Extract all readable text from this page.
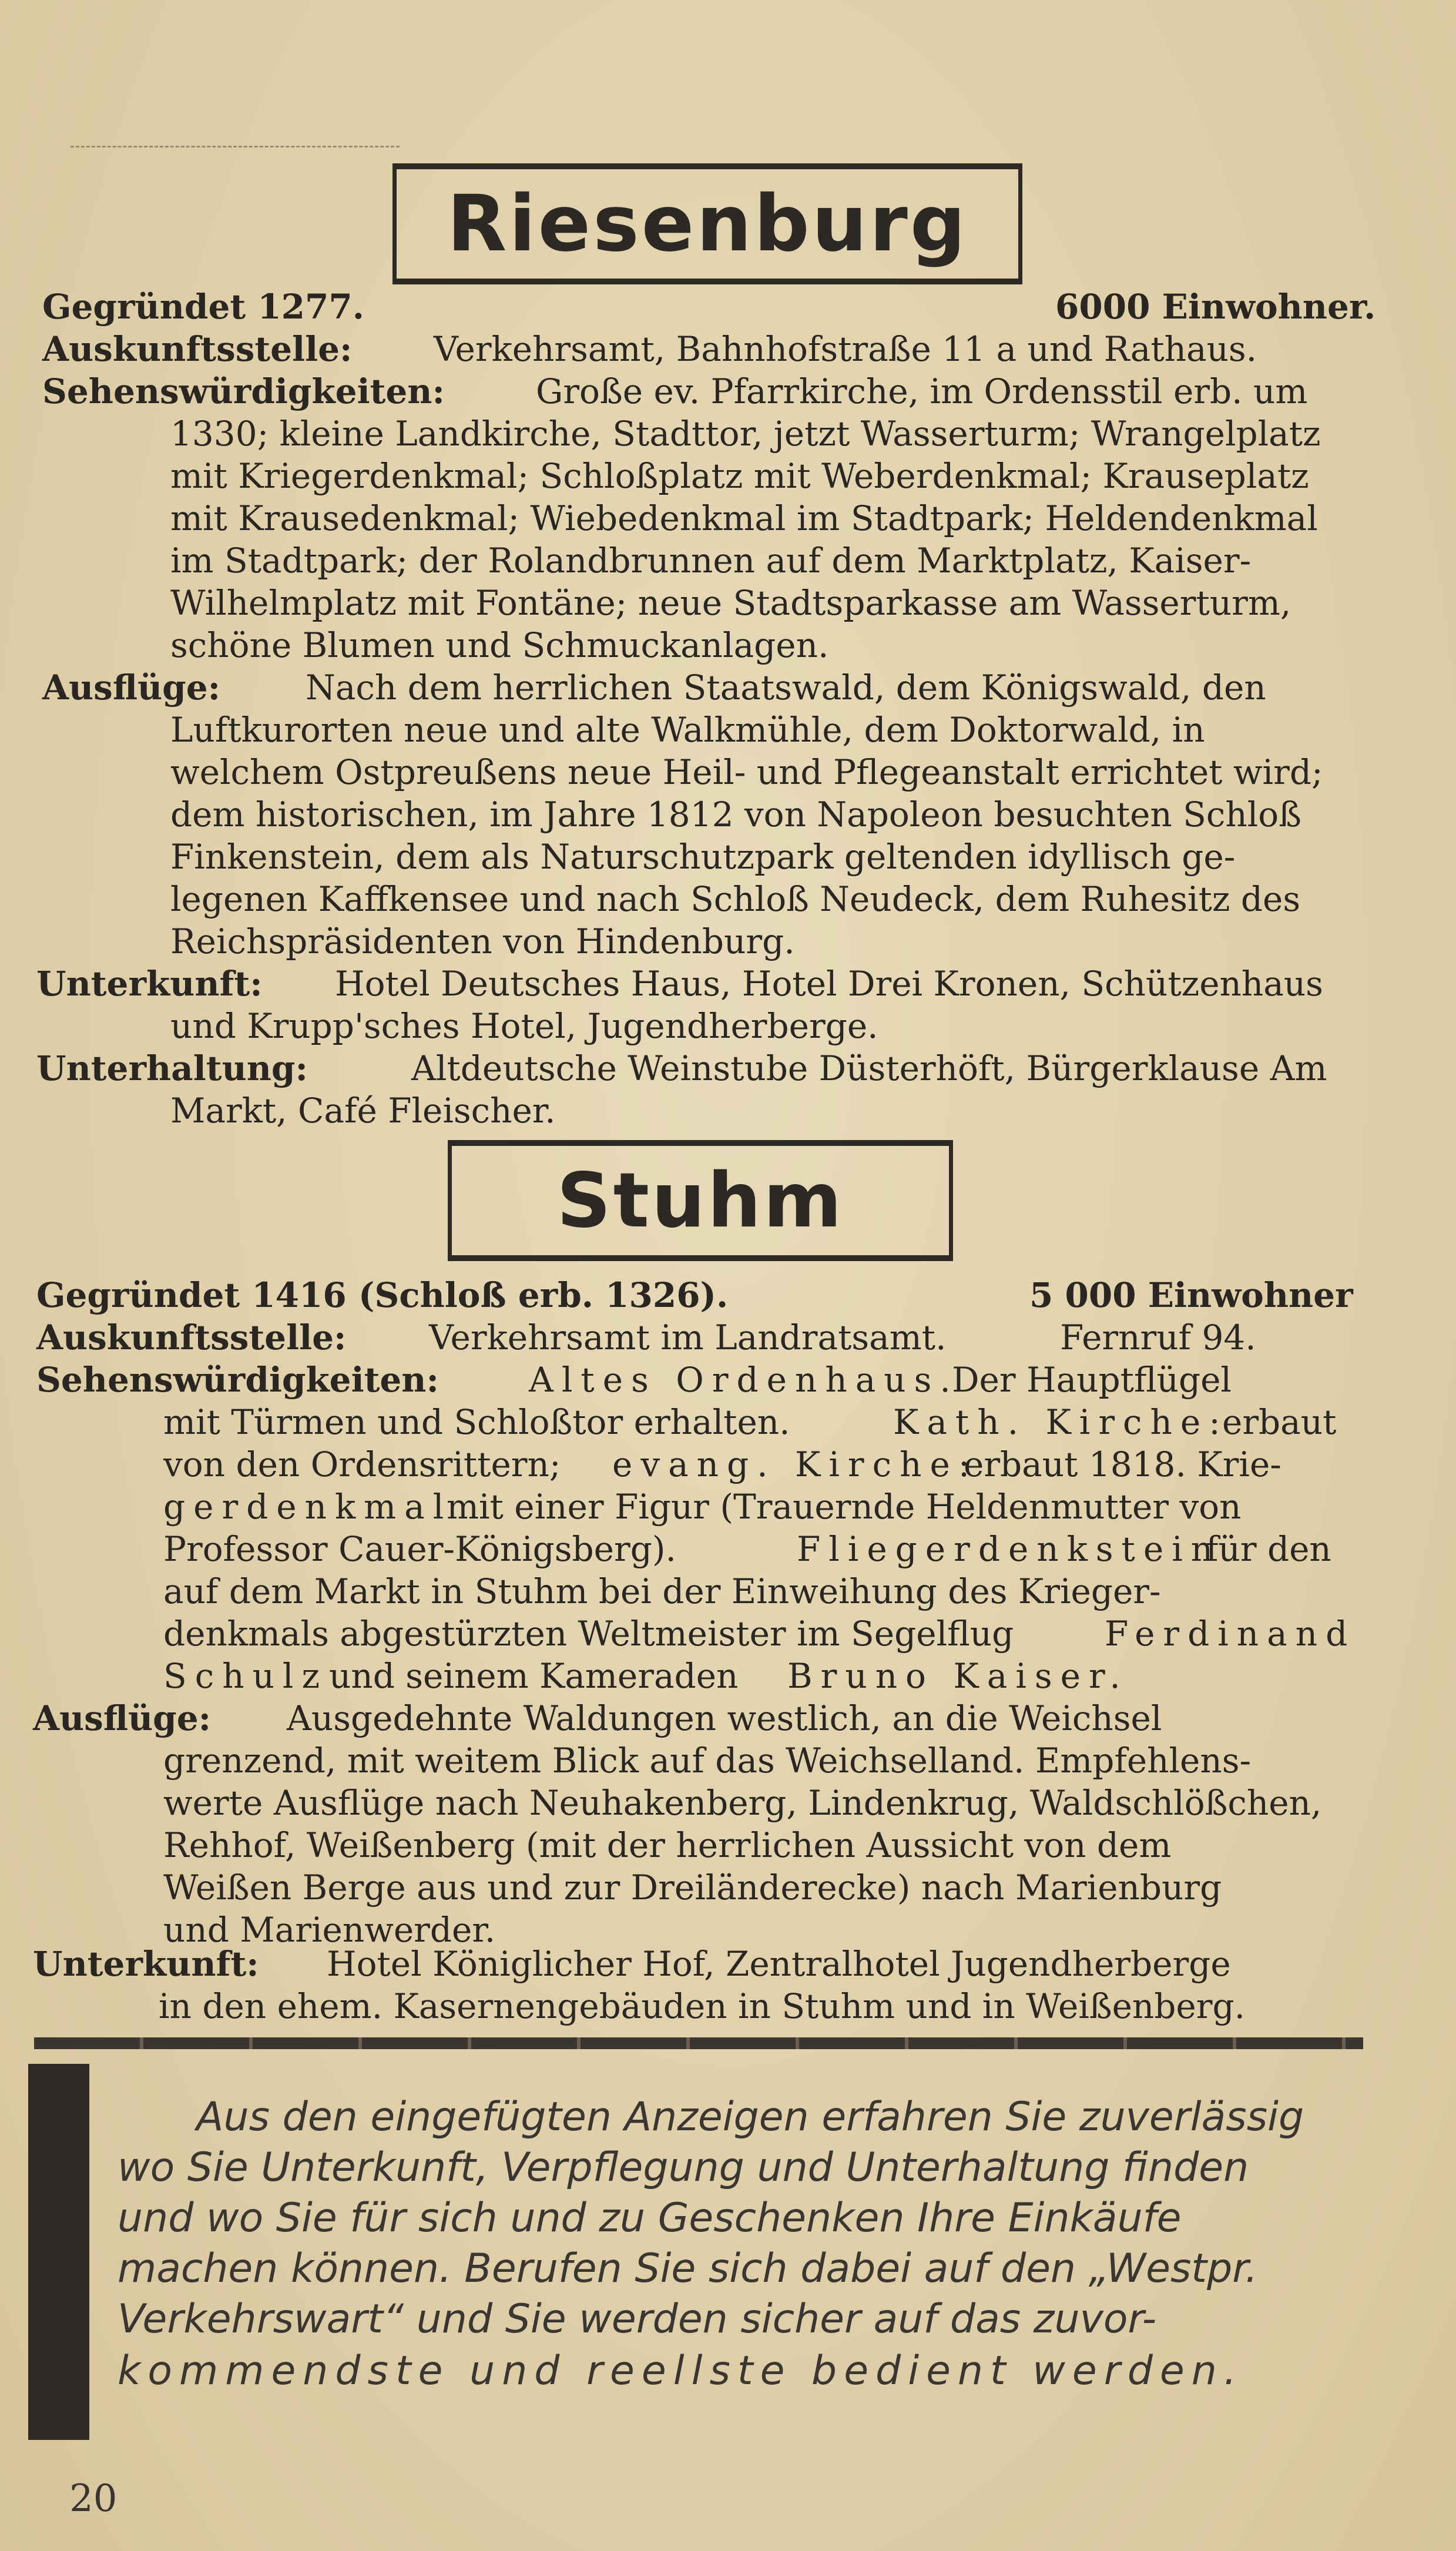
Riesenburg
Gegründet 1277.	6000 Einwohner.
Auskunftsstelle: Verkehrsamt, Bahnhofstraße 11 a und Rathaus.
Sehenswürdigkeiten:	Große ev. Pfarrkirche, im Ordensstil erb. um
1330; kleine Landkirche, Stadttor, jetzt Wasserturm; Wrangelplatz
mit Kriegerdenkmal; Schloßplatz mit Weberdenkmal; Krauseplatz
mit Krausedenkmal; Wiebedenkmal im Stadtpark; Heldendenkmal
im Stadtpark; der Rolandbrunnen auf dem Marktplatz, Kaiser-
Wilhelmplatz mit Fontäne; neue Stadtsparkasse am Wasserturm,
schöne Blumen und Schmuckanlagen.
Ausflüge: Nach dem herrlichen Staatswald, dem Königswald, den
Luftkurorten neue und alte Walkmühle, dem Doktorwald, in
welchem Ostpreußens neue Heil- und Pflegeanstalt errichtet wird;
dem historischen, im Jahre 1812 von Napoleon besuchten Schloß
Finkenstein, dem als Naturschutzpark geltenden idyllisch ge-
legenen Kaffkensee und nach Schloß Neudeck, dem Ruhesitz des
Reichspräsidenten von Hindenburg.
Unterkunft: Hotel Deutsches Haus, Hotel Drei Kronen, Schützenhaus
und Krupp'sches Hotel, Jugendherberge.
Unterhaltung:	Altdeutsche Weinstube Düsterhöft, Bürgerklause Am
Markt, Café Fleischer.
Stuhm
Gegründet 1416 (Schloß erb. 1326).	5 000 Einwohner
Auskunftsstelle: Verkehrsamt im Landratsamt.	Fernruf 94.
Sehenswürdigkeiten:	Altes Ordenhaus.
Der Hauptflügel
mit Türmen und Schloßtor erhalten.	Kath. Kirche:
erbaut
von den Ordensrittern; evang. Kirche:
erbaut 1818. Krie-
gerdenkmal
mit einer Figur (Trauernde Heldenmutter von
Professor Cauer-Königsberg).	Fliegerdenkstein
für den
auf dem Markt in Stuhm bei der Einweihung des Krieger-
denkmals abgestürzten Weltmeister im Segelflug	Ferdinand
Schulz und seinem Kameraden Bruno Kaiser.
Ausflüge: Ausgedehnte Waldungen westlich, an die Weichsel
grenzend, mit weitem Blick auf das Weichselland. Empfehlens-
werte Ausflüge nach Neuhakenberg, Lindenkrug, Waldschlößchen,
Rehhof, Weißenberg (mit der herrlichen Aussicht von dem
Weißen Berge aus und zur Dreiländerecke) nach Marienburg
und Marienwerder.
Unterkunft: Hotel Königlicher Hof, Zentralhotel Jugendherberge
in den ehem. Kasernengebäuden in Stuhm und in Weißenberg.
Aus den eingefügten Anzeigen erfahren Sie zuverlässig
wo Sie Unterkunft, Verpflegung und Unterhaltung finden
und wo Sie für sich und zu Geschenken Ihre Einkäufe
machen können. Berufen Sie sich dabei auf den „Westpr.
Verkehrswart“ und Sie werden sicher auf das zuvor-
kommendste und reellste bedient werden.
20
